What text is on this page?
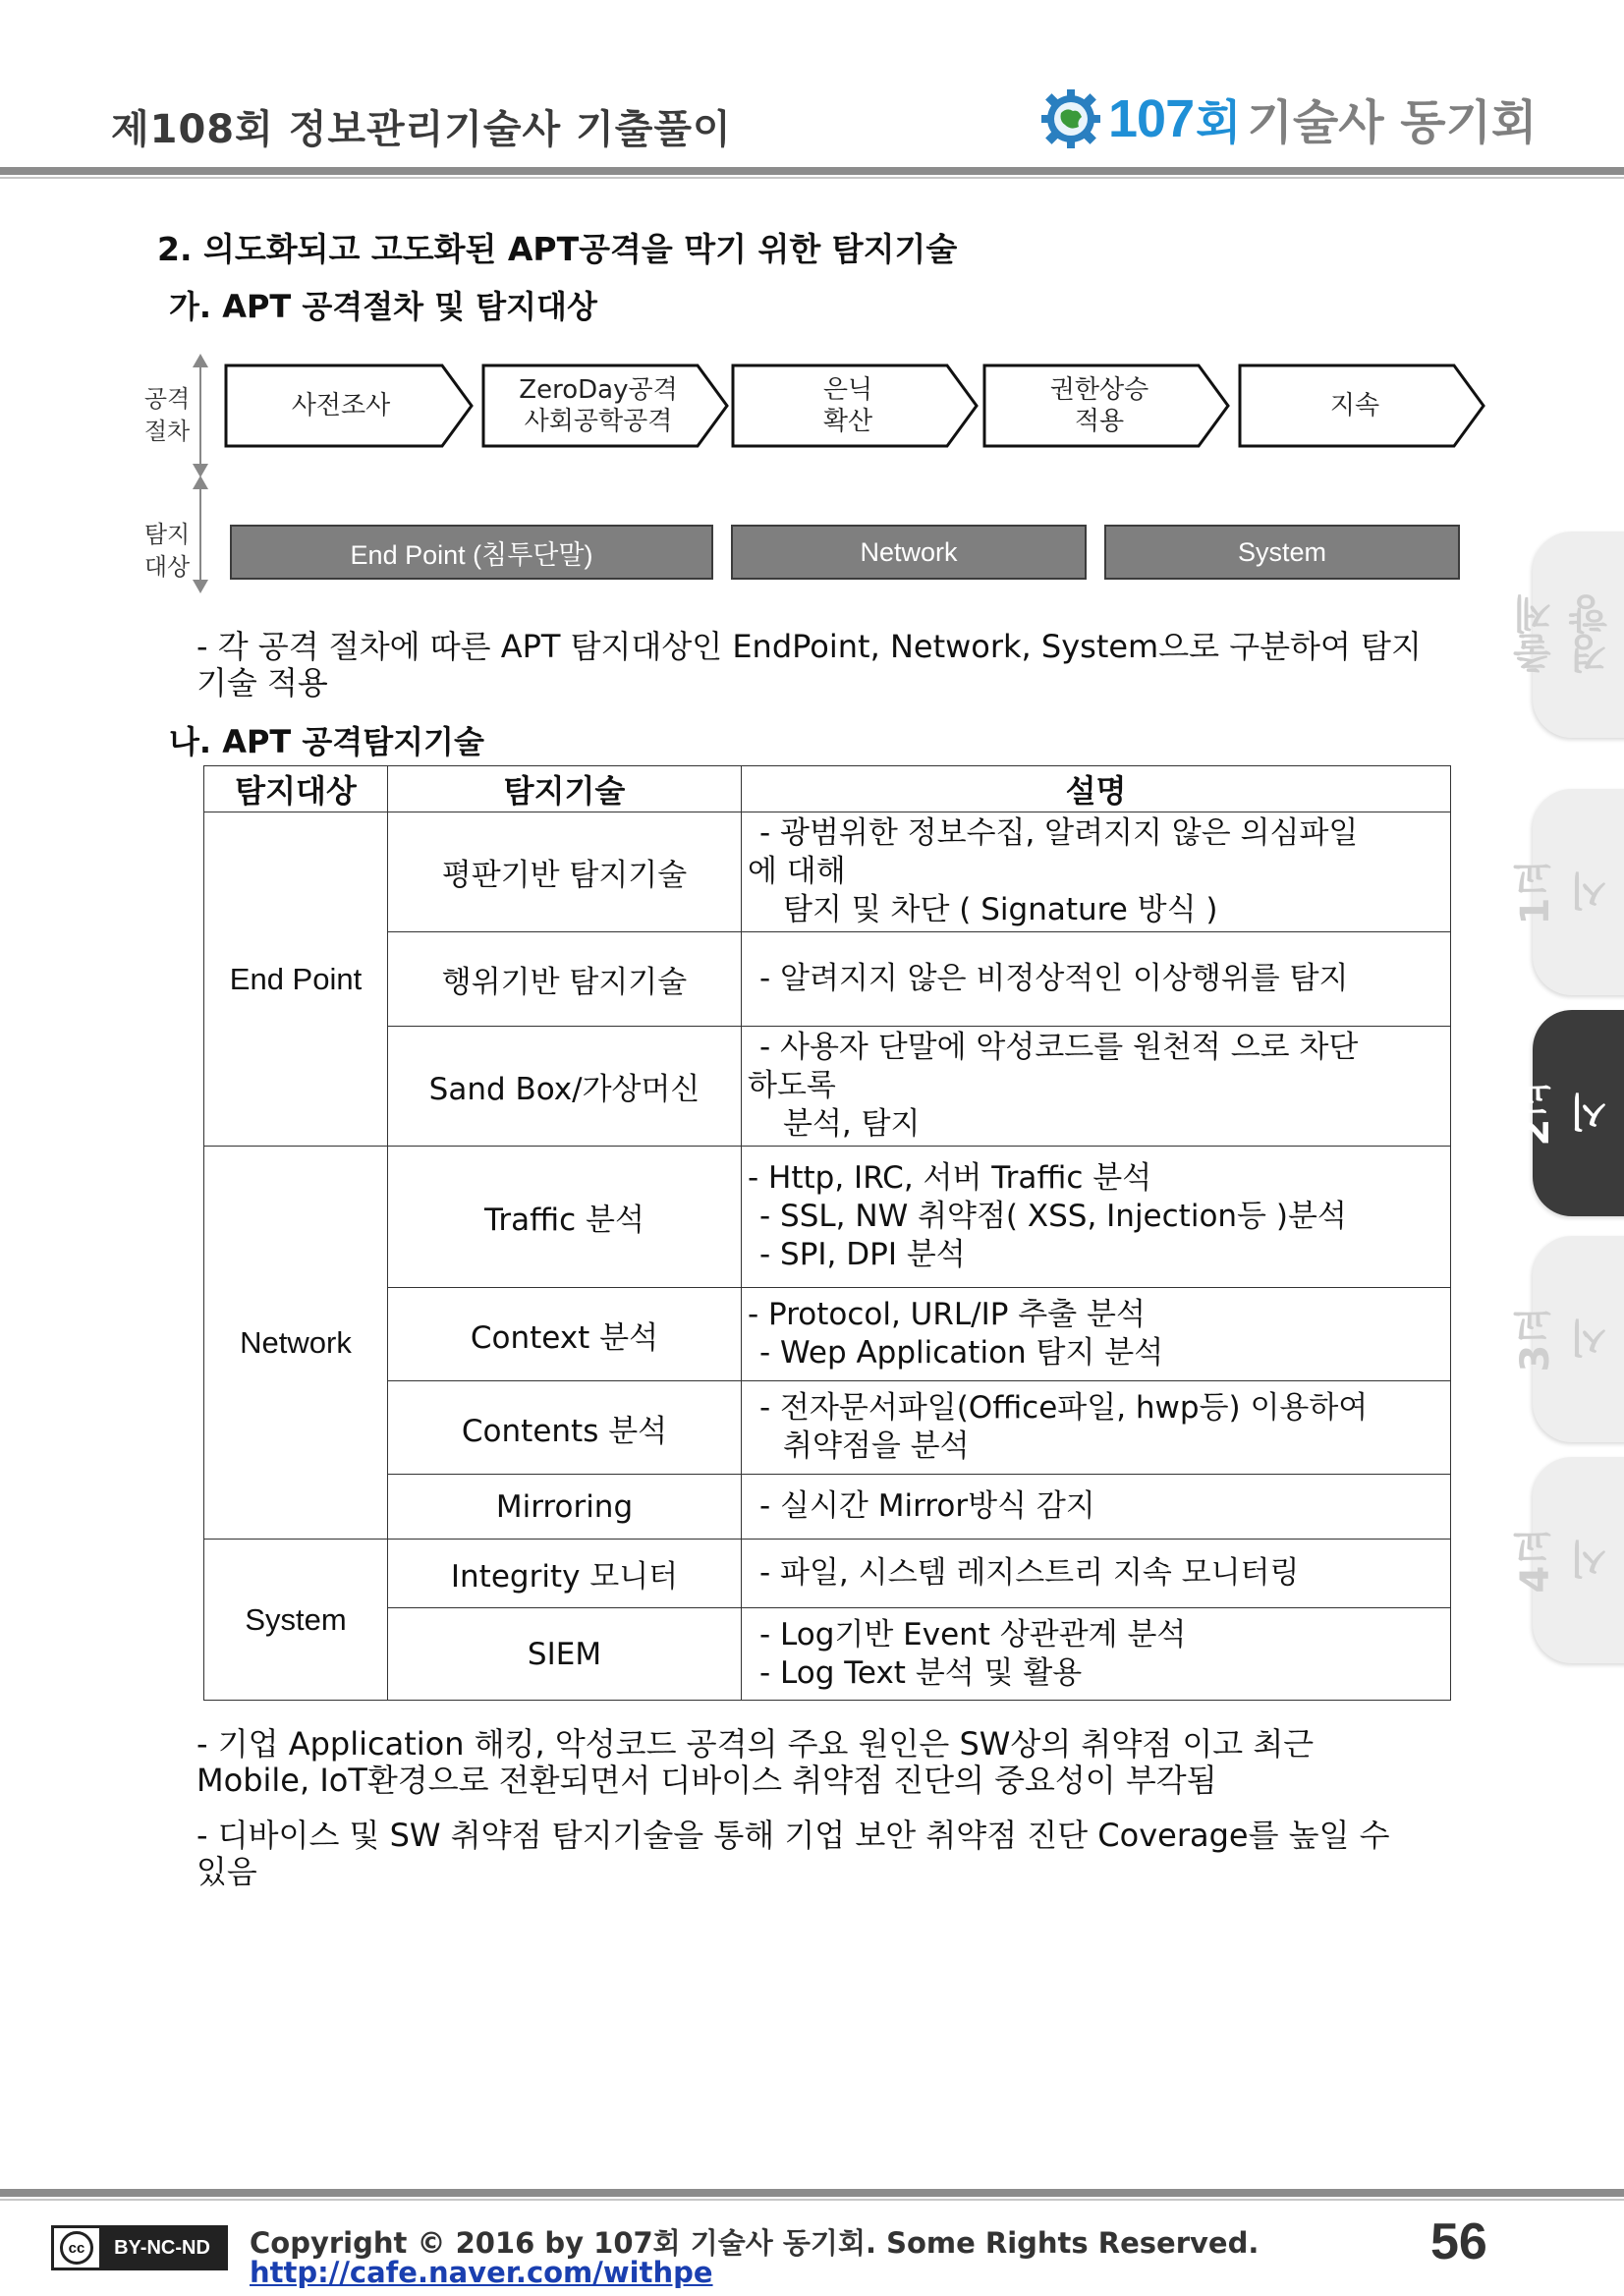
제108회 정보관리기술사 기출풀이	107 회 기술사 동기회
출제경향
1교시
2교시
3교시
4교시
2. 의도화되고 고도화된 APT공격을 막기 위한 탐지기술
가. APT 공격절차 및 탐지대상
공격
절차
탐지
대상
사전조사
ZeroDay공격
사회공학공격
은닉
확산
권한상승
적용
지속
End Point (침투단말)	Network	System
- 각 공격 절차에 따른 APT 탐지대상인 EndPoint, Network, System으로 구분하여 탐지
기술 적용
나. APT 공격탐지기술
탐지대상	탐지기술	설명
End Point	평판기반 탐지기술	- 광범위한 정보수집, 알려지지 않은 의심파일
에 대해
탐지 및 차단 ( Signature 방식 )

	행위기반 탐지기술	- 알려지지 않은 비정상적인 이상행위를 탐지

	Sand Box/가상머신	- 사용자 단말에 악성코드를 원천적 으로 차단
하도록
분석, 탐지

Network	Traffic 분석	- Http, IRC, 서버 Traffic 분석
- SSL, NW 취약점( XSS, Injection등 )분석
- SPI, DPI 분석

	Context 분석	- Protocol, URL/IP 추출 분석
- Wep Application 탐지 분석

	Contents 분석	- 전자문서파일(Office파일, hwp등) 이용하여
취약점을 분석

	Mirroring	- 실시간 Mirror방식 감지

System	Integrity 모니터	- 파일, 시스템 레지스트리 지속 모니터링

	SIEM	- Log기반 Event 상관관계 분석
- Log Text 분석 및 활용
- 기업 Application 해킹, 악성코드 공격의 주요 원인은 SW상의 취약점 이고 최근
Mobile, IoT환경으로 전환되면서 디바이스 취약점 진단의 중요성이 부각됨
- 디바이스 및 SW 취약점 탐지기술을 통해 기업 보안 취약점 진단 Coverage를 높일 수
있음
cc	BY-NC-ND	Copyright © 2016 by 107회 기술사 동기회. Some Rights Reserved.
http://cafe.naver.com/withpe
56
